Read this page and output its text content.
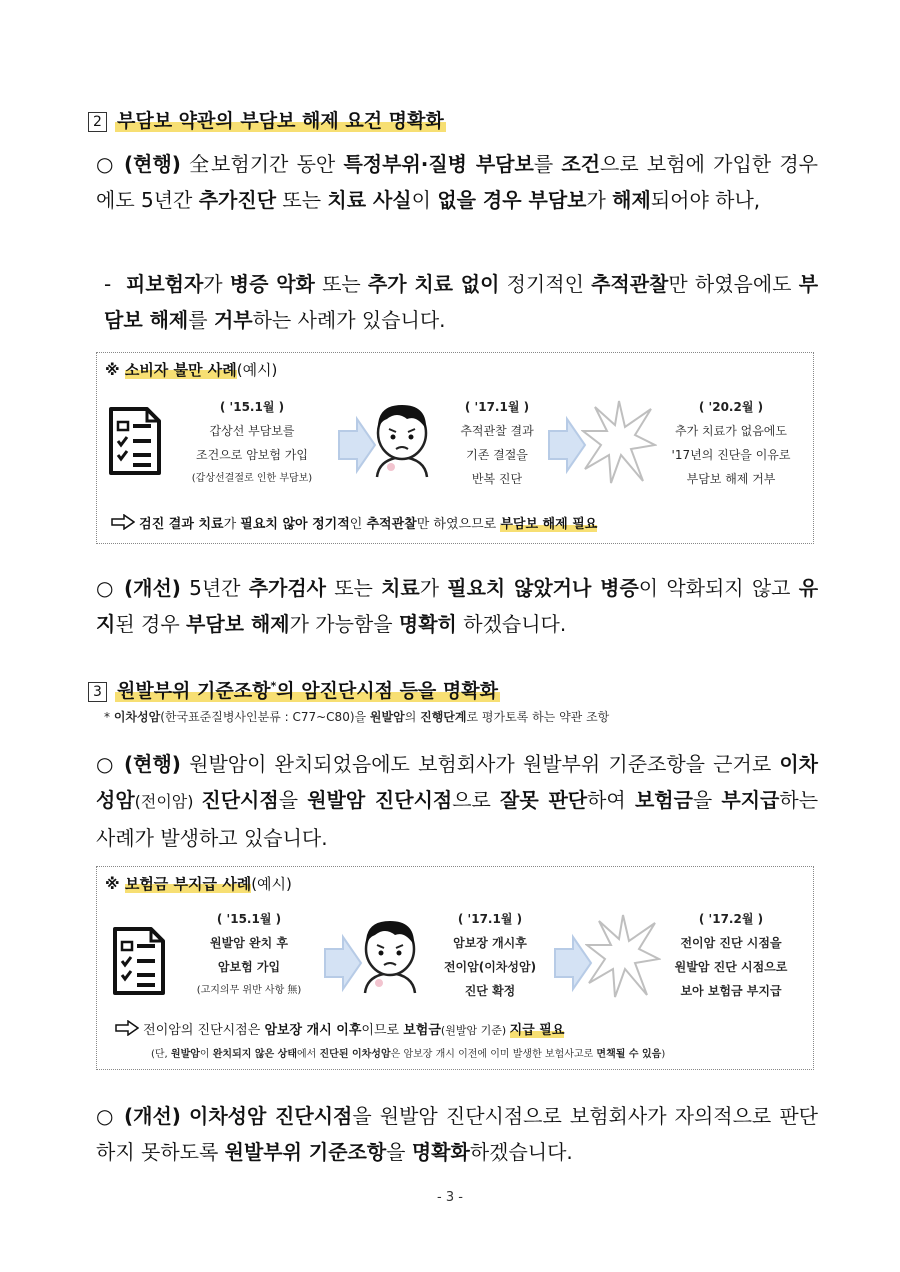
2 부담보 약관의 부담보 해제 요건 명확화
○ (현행) 全보험기간 동안 특정부위·질병 부담보를 조건으로 보험에 가입한 경우에도 5년간 추가진단 또는 치료 사실이 없을 경우 부담보가 해제되어야 하나,
- 피보험자가 병증 악화 또는 추가 치료 없이 정기적인 추적관찰만 하였음에도 부담보 해제를 거부하는 사례가 있습니다.
※ 소비자 불만 사례(예시)
( '15.1월 )
갑상선 부담보를
조건으로 암보험 가입
(갑상선결절로 인한 부담보)
( '17.1월 )
추적관찰 결과
기존 결절을
반복 진단
( '20.2월 )
추가 치료가 없음에도
'17년의 진단을 이유로
부담보 해제 거부
검진 결과 치료가 필요치 않아 정기적인 추적관찰만 하였으므로 부담보 해제 필요
○ (개선) 5년간 추가검사 또는 치료가 필요치 않았거나 병증이 악화되지 않고 유지된 경우 부담보 해제가 가능함을 명확히 하겠습니다.
3 원발부위 기준조항*의 암진단시점 등을 명확화
* 이차성암(한국표준질병사인분류 : C77~C80)을 원발암의 진행단계로 평가토록 하는 약관 조항
○ (현행) 원발암이 완치되었음에도 보험회사가 원발부위 기준조항을 근거로 이차성암(전이암) 진단시점을 원발암 진단시점으로 잘못 판단하여 보험금을 부지급하는 사례가 발생하고 있습니다.
※ 보험금 부지급 사례(예시)
( '15.1월 )
원발암 완치 후
암보험 가입
(고지의무 위반 사항 無)
( '17.1월 )
암보장 개시후
전이암(이차성암)
진단 확정
( '17.2월 )
전이암 진단 시점을
원발암 진단 시점으로
보아 보험금 부지급
전이암의 진단시점은 암보장 개시 이후이므로 보험금(원발암 기준) 지급 필요
(단, 원발암이 완치되지 않은 상태에서 진단된 이차성암은 암보장 개시 이전에 이미 발생한 보험사고로 면책될 수 있음)
○ (개선) 이차성암 진단시점을 원발암 진단시점으로 보험회사가 자의적으로 판단하지 못하도록 원발부위 기준조항을 명확화하겠습니다.
- 3 -
